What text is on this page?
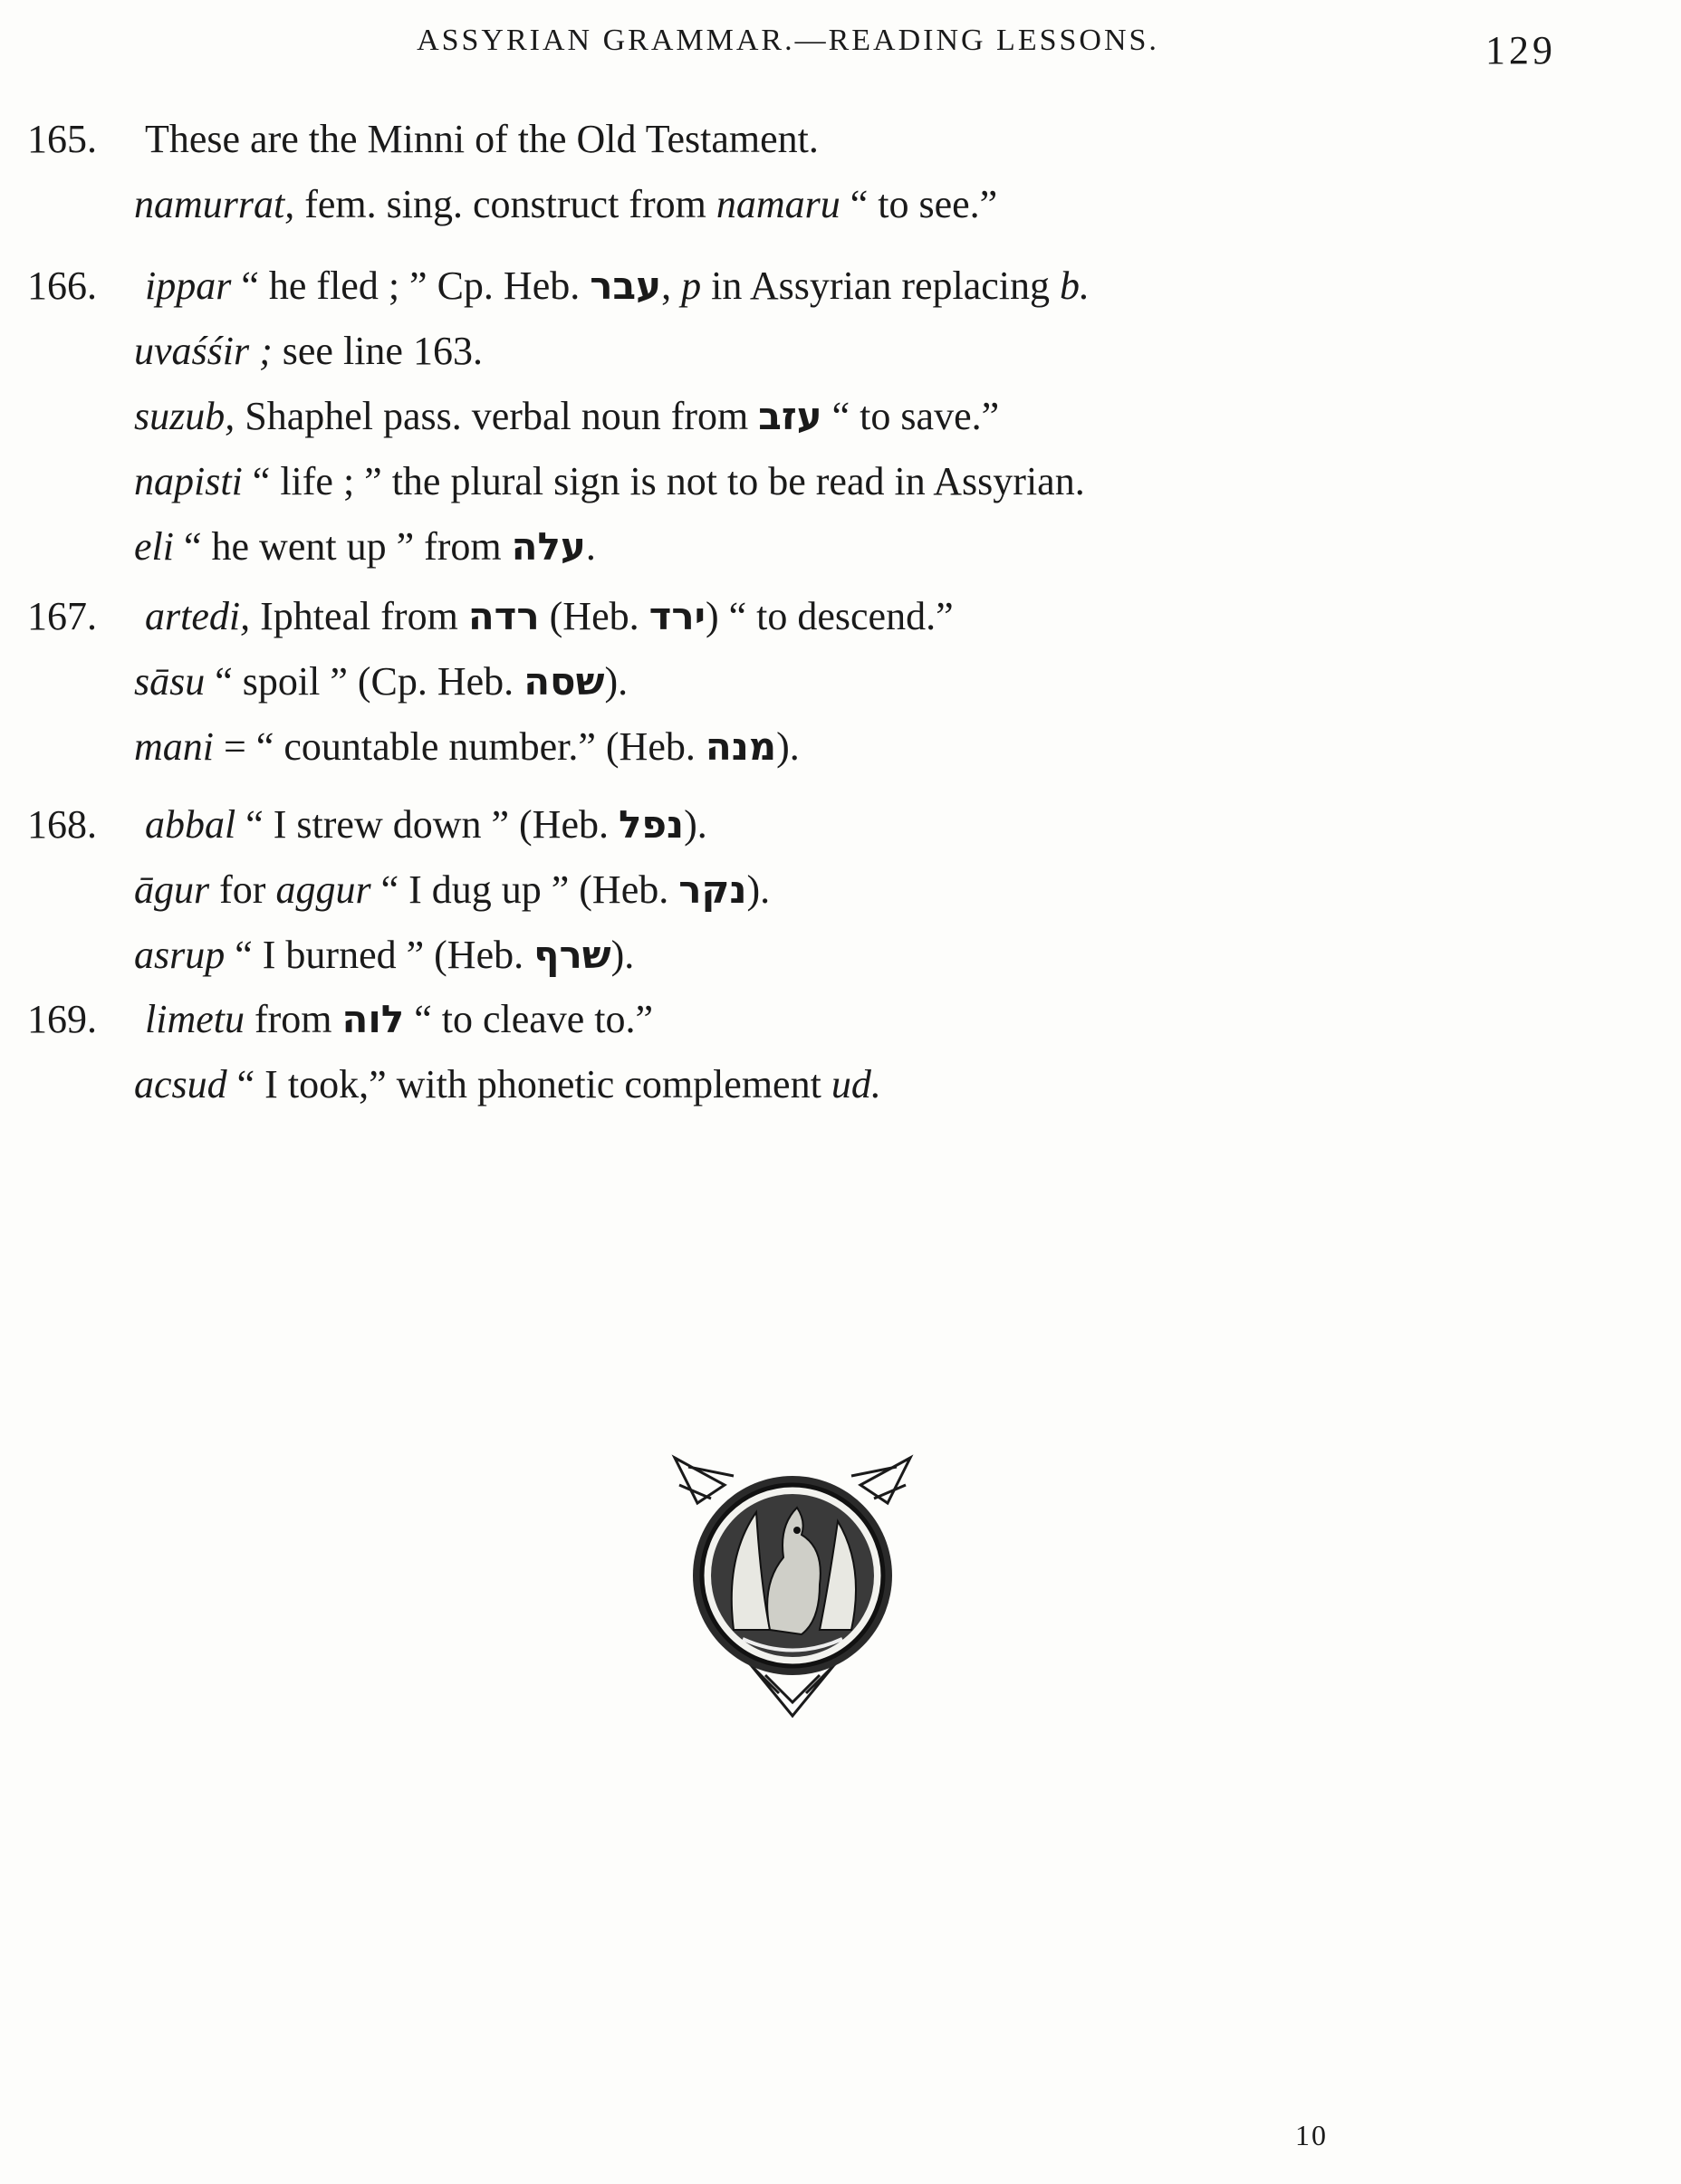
ASSYRIAN GRAMMAR.—READING LESSONS.	129
165. These are the Minni of the Old Testament.
namurrat, fem. sing. construct from namaru “ to see.”
166. ippar “ he fled ; ” Cp. Heb. עבר, p in Assyrian replacing b.
uvaśśir ; see line 163.
suzub, Shaphel pass. verbal noun from עזב “ to save.”
napisti “ life ; ” the plural sign is not to be read in Assyrian.
eli “ he went up ” from עלה.
167. artedi, Iphteal from רדה (Heb. ירד) “ to descend.”
sāsu “ spoil ” (Cp. Heb. שסה).
mani = “ countable number.” (Heb. מנה).
168. abbal “ I strew down ” (Heb. נפל).
āgur for aggur “ I dug up ” (Heb. נקר).
asrup “ I burned ” (Heb. שרף).
169. limetu from לוה “ to cleave to.”
acsud “ I took,” with phonetic complement ud.
10
